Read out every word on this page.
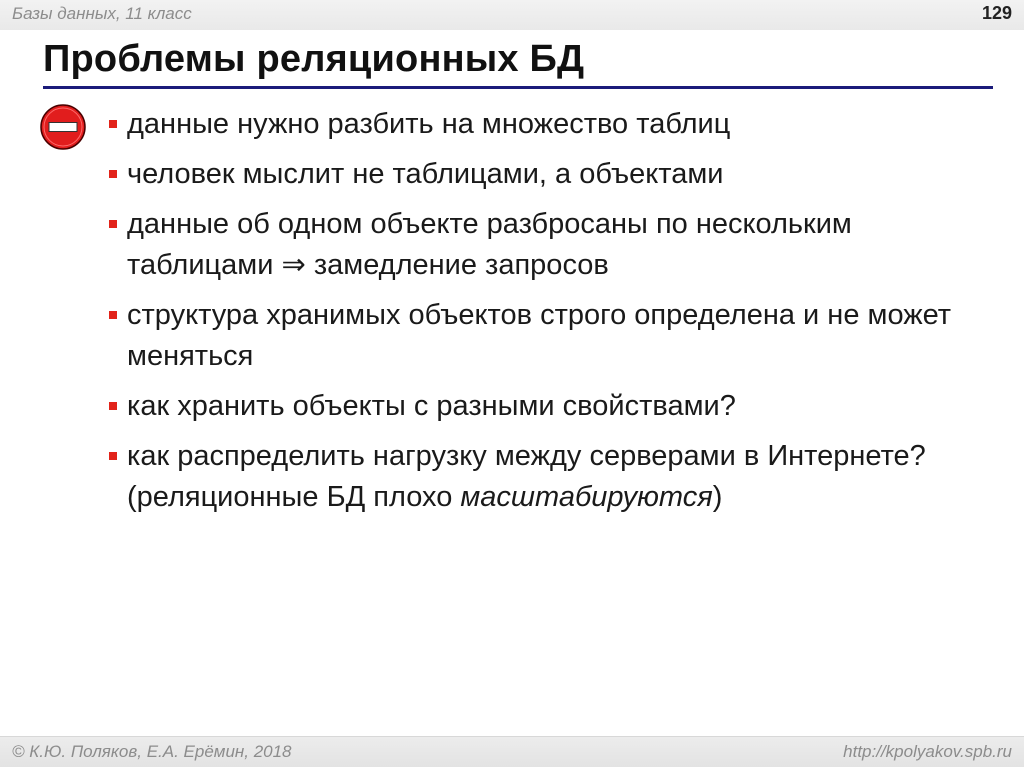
Базы данных, 11 класс	129
Проблемы реляционных БД
данные нужно разбить на множество таблиц
человек мыслит не таблицами, а объектами
данные об одном объекте разбросаны по нескольким таблицами ⇒ замедление запросов
структура хранимых объектов строго определена и не может меняться
как хранить объекты с разными свойствами?
как распределить нагрузку между серверами в Интернете? (реляционные БД плохо масштабируются)
© К.Ю. Поляков, Е.А. Ерёмин, 2018	http://kpolyakov.spb.ru
